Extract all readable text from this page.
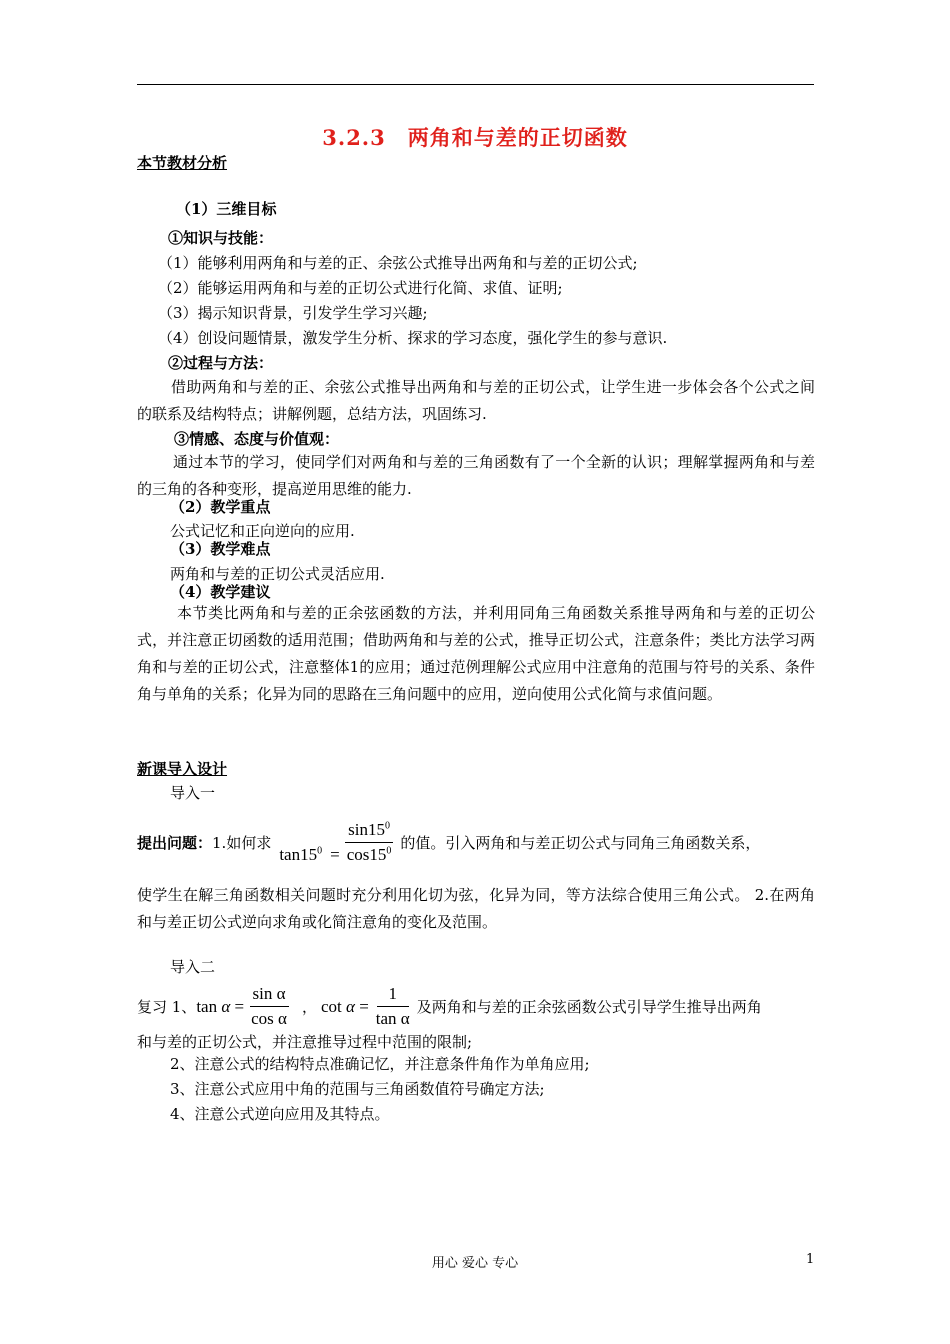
3.2.3　两角和与差的正切函数
本节教材分析
（1）三维目标
①知识与技能：
（1）能够利用两角和与差的正、余弦公式推导出两角和与差的正切公式;
（2）能够运用两角和与差的正切公式进行化简、求值、证明;
（3）揭示知识背景，引发学生学习兴趣;
（4）创设问题情景，激发学生分析、探求的学习态度，强化学生的参与意识.
②过程与方法：
借助两角和与差的正、余弦公式推导出两角和与差的正切公式，让学生进一步体会各个公式之间的联系及结构特点；讲解例题，总结方法，巩固练习.
③情感、态度与价值观：
通过本节的学习，使同学们对两角和与差的三角函数有了一个全新的认识；理解掌握两角和与差的三角的各种变形，提高逆用思维的能力.
（2）教学重点
公式记忆和正向逆向的应用.
（3）教学难点
两角和与差的正切公式灵活应用.
（4）教学建议
本节类比两角和与差的正余弦函数的方法，并利用同角三角函数关系推导两角和与差的正切公式，并注意正切函数的适用范围；借助两角和与差的公式，推导正切公式，注意条件；类比方法学习两角和与差的正切公式，注意整体1的应用；通过范例理解公式应用中注意角的范围与符号的关系、条件角与单角的关系；化异为同的思路在三角问题中的应用，逆向使用公式化简与求值问题。
新课导入设计
导入一
提出问题： 1.如何求
$\tan 15^0 = \frac{\sin 15^0}{\cos 15^0}$ 的值。引入两角和与差正切公式与同角三角函数关系，
使学生在解三角函数相关问题时充分利用化切为弦，化异为同，等方法综合使用三角公式。 2.在两角和与差正切公式逆向求角或化简注意角的变化及范围。
导入二
复习 1、 $\tan \alpha = \frac{\text{sin α}}{\text{cos α}}$ ， $\cot \alpha = \frac{1}{\text{tan α}}$ 及两角和与差的正余弦函数公式引导学生推导出两角
和与差的正切公式，并注意推导过程中范围的限制;
2、注意公式的结构特点准确记忆，并注意条件角作为单角应用;
3、注意公式应用中角的范围与三角函数值符号确定方法;
4、注意公式逆向应用及其特点。
用心 爱心 专心	1
